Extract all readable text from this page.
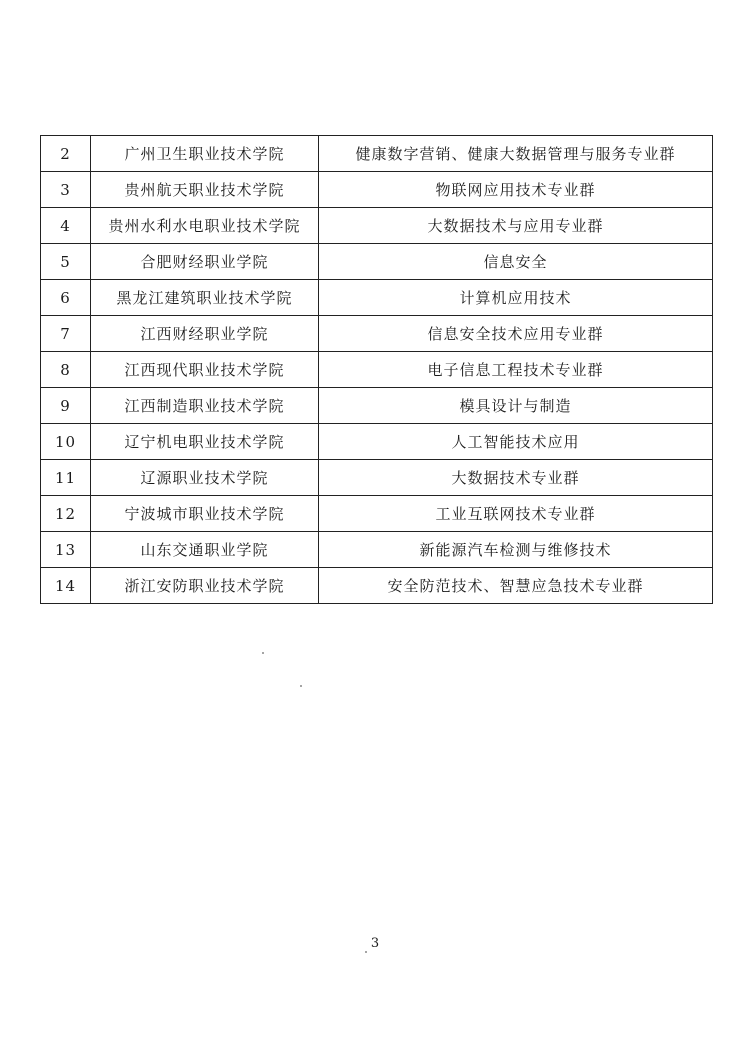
2	广州卫生职业技术学院	健康数字营销、健康大数据管理与服务专业群
3	贵州航天职业技术学院	物联网应用技术专业群
4	贵州水利水电职业技术学院	大数据技术与应用专业群
5	合肥财经职业学院	信息安全
6	黑龙江建筑职业技术学院	计算机应用技术
7	江西财经职业学院	信息安全技术应用专业群
8	江西现代职业技术学院	电子信息工程技术专业群
9	江西制造职业技术学院	模具设计与制造
10	辽宁机电职业技术学院	人工智能技术应用
11	辽源职业技术学院	大数据技术专业群
12	宁波城市职业技术学院	工业互联网技术专业群
13	山东交通职业学院	新能源汽车检测与维修技术
14	浙江安防职业技术学院	安全防范技术、智慧应急技术专业群
3
